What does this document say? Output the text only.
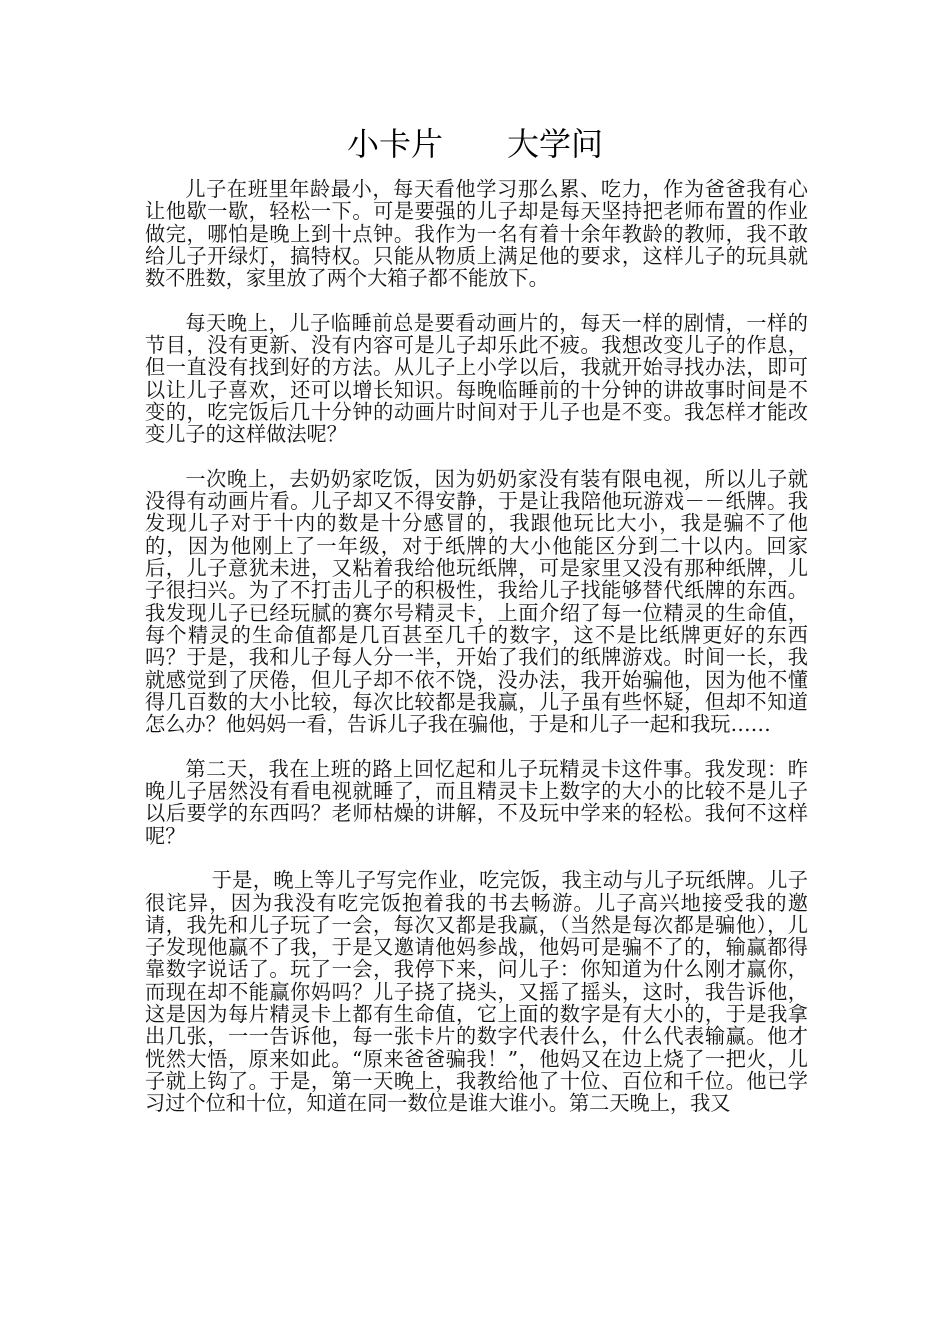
小卡片　　大学问

儿子在班里年龄最小，每天看他学习那么累、吃力，作为爸爸我有心让他歇一歇，轻松一下。可是要强的儿子却是每天坚持把老师布置的作业做完，哪怕是晚上到十点钟。我作为一名有着十余年教龄的教师，我不敢给儿子开绿灯，搞特权。只能从物质上满足他的要求，这样儿子的玩具就数不胜数，家里放了两个大箱子都不能放下。

每天晚上，儿子临睡前总是要看动画片的，每天一样的剧情，一样的节目，没有更新、没有内容可是儿子却乐此不疲。我想改变儿子的作息，但一直没有找到好的方法。从儿子上小学以后，我就开始寻找办法，即可以让儿子喜欢，还可以增长知识。每晚临睡前的十分钟的讲故事时间是不变的，吃完饭后几十分钟的动画片时间对于儿子也是不变。我怎样才能改变儿子的这样做法呢？

一次晚上，去奶奶家吃饭，因为奶奶家没有装有限电视，所以儿子就没得有动画片看。儿子却又不得安静，于是让我陪他玩游戏－－纸牌。我发现儿子对于十内的数是十分感冒的，我跟他玩比大小，我是骗不了他的，因为他刚上了一年级，对于纸牌的大小他能区分到二十以内。回家后，儿子意犹未进，又粘着我给他玩纸牌，可是家里又没有那种纸牌，儿子很扫兴。为了不打击儿子的积极性，我给儿子找能够替代纸牌的东西。我发现儿子已经玩腻的赛尔号精灵卡，上面介绍了每一位精灵的生命值，每个精灵的生命值都是几百甚至几千的数字，这不是比纸牌更好的东西吗？于是，我和儿子每人分一半，开始了我们的纸牌游戏。时间一长，我就感觉到了厌倦，但儿子却不依不饶，没办法，我开始骗他，因为他不懂得几百数的大小比较，每次比较都是我赢，儿子虽有些怀疑，但却不知道怎么办？他妈妈一看，告诉儿子我在骗他，于是和儿子一起和我玩……

第二天，我在上班的路上回忆起和儿子玩精灵卡这件事。我发现：昨晚儿子居然没有看电视就睡了，而且精灵卡上数字的大小的比较不是儿子以后要学的东西吗？老师枯燥的讲解，不及玩中学来的轻松。我何不这样呢？

于是，晚上等儿子写完作业，吃完饭，我主动与儿子玩纸牌。儿子很诧异，因为我没有吃完饭抱着我的书去畅游。儿子高兴地接受我的邀请，我先和儿子玩了一会，每次又都是我赢，（当然是每次都是骗他），儿子发现他赢不了我，于是又邀请他妈参战，他妈可是骗不了的，输赢都得靠数字说话了。玩了一会，我停下来，问儿子：你知道为什么刚才赢你，而现在却不能赢你妈吗？儿子挠了挠头，又摇了摇头，这时，我告诉他，这是因为每片精灵卡上都有生命值，它上面的数字是有大小的，于是我拿出几张，一一告诉他，每一张卡片的数字代表什么，什么代表输赢。他才恍然大悟，原来如此。“原来爸爸骗我！”，他妈又在边上烧了一把火，儿子就上钩了。于是，第一天晚上，我教给他了十位、百位和千位。他已学习过个位和十位，知道在同一数位是谁大谁小。第二天晚上，我又
